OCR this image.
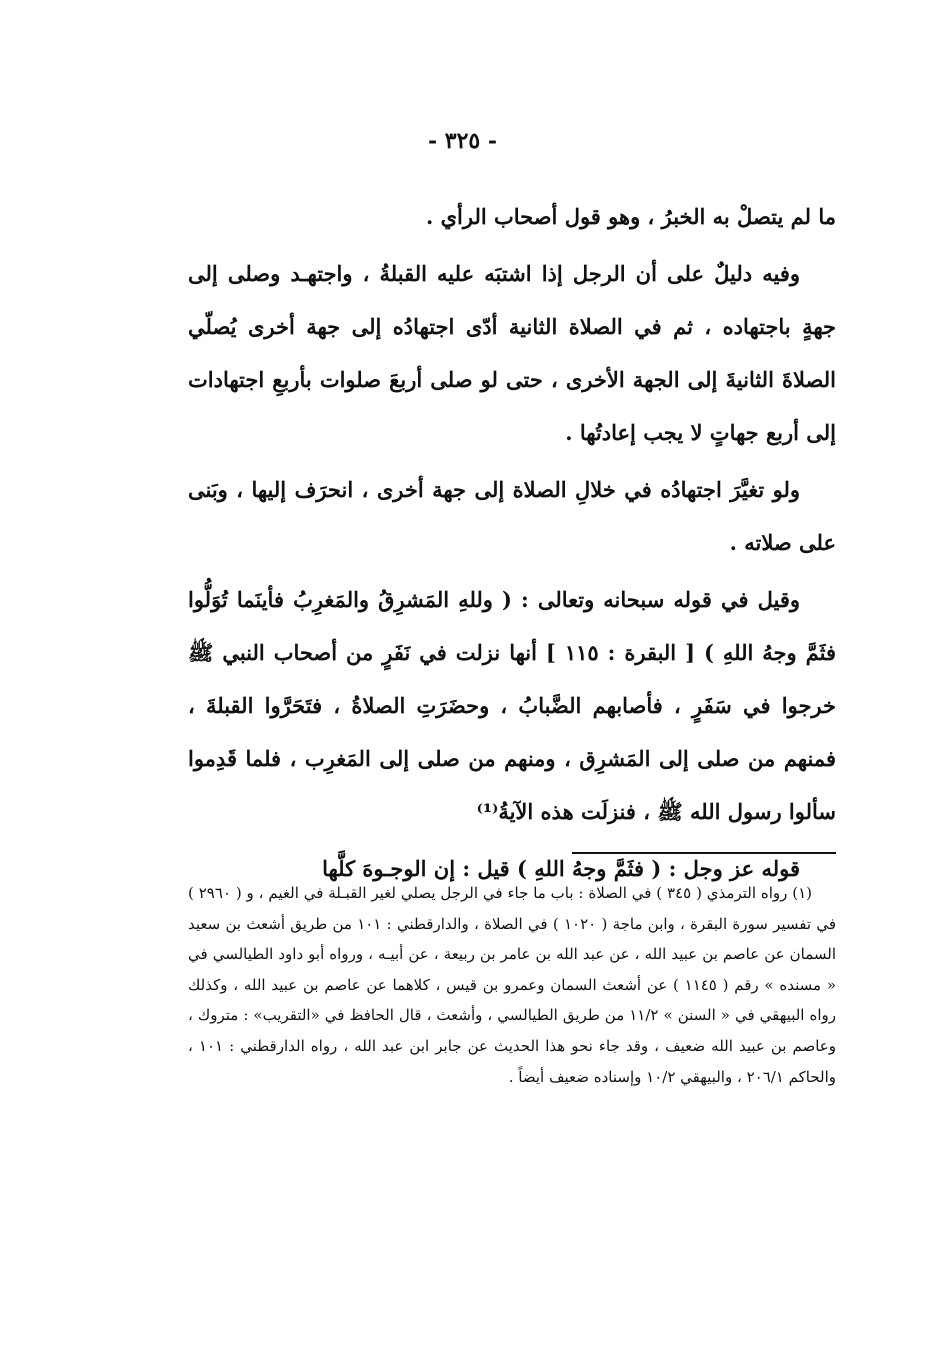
- ٣٢٥ -

ما لم يتصلْ به الخبرُ ، وهو قول أصحاب الرأي .

وفيه دليلٌ على أن الرجل إذا اشتبَه عليه القبلةُ ، واجتهـد وصلى إلى جهةٍ باجتهاده ، ثم في الصلاة الثانية أدّى اجتهادُه إلى جهة أخرى يُصلّي الصلاةَ الثانيةَ إلى الجهة الأخرى ، حتى لو صلى أربعَ صلوات بأربعِ اجتهادات إلى أربع جهاتٍ لا يجب إعادتُها .

ولو تغيَّرَ اجتهادُه في خلالِ الصلاة إلى جهة أخرى ، انحرَف إليها ، وبَنى على صلاته .

وقيل في قوله سبحانه وتعالى : ( وللهِ المَشرِقُ والمَغرِبُ فأينَما تُوَلُّوا فثَمَّ وجهُ اللهِ ) [ البقرة : ١١٥ ] أنها نزلت في نَفَرٍ من أصحاب النبي ﷺ خرجوا في سَفَرٍ ، فأصابهم الضَّبابُ ، وحضَرَتِ الصلاةُ ، فتَحَرَّوا القبلةَ ، فمنهم من صلى إلى المَشرِق ، ومنهم من صلى إلى المَغرِب ، فلما قَدِموا سألوا رسول الله ﷺ ، فنزلَت هذه الآيةُ⁽¹⁾

قوله عز وجل : ( فثَمَّ وجهُ اللهِ ) قيل : إن الوجـوهَ كلَّها

(١) رواه الترمذي ( ٣٤٥ ) في الصلاة : باب ما جاء في الرجل يصلي لغير القبـلة في الغيم ، و ( ٢٩٦٠ ) في تفسير سورة البقرة ، وابن ماجة ( ١٠٢٠ ) في الصلاة ، والدارقطني : ١٠١ من طريق أشعث بن سعيد السمان عن عاصم بن عبيد الله ، عن عبد الله بن عامر بن ربيعة ، عن أبيـه ، ورواه أبو داود الطيالسي في « مسنده » رقم ( ١١٤٥ ) عن أشعث السمان وعمرو بن قيس ، كلاهما عن عاصم بن عبيد الله ، وكذلك رواه البيهقي في « السنن » ١١/٢ من طريق الطيالسي ، وأشعث ، قال الحافظ في «التقريب» : متروك ، وعاصم بن عبيد الله ضعيف ، وقد جاء نحو هذا الحديث عن جابر ابن عبد الله ، رواه الدارقطني : ١٠١ ، والحاكم ٢٠٦/١ ، والبيهقي ١٠/٢ وإسناده ضعيف أيضاً .
